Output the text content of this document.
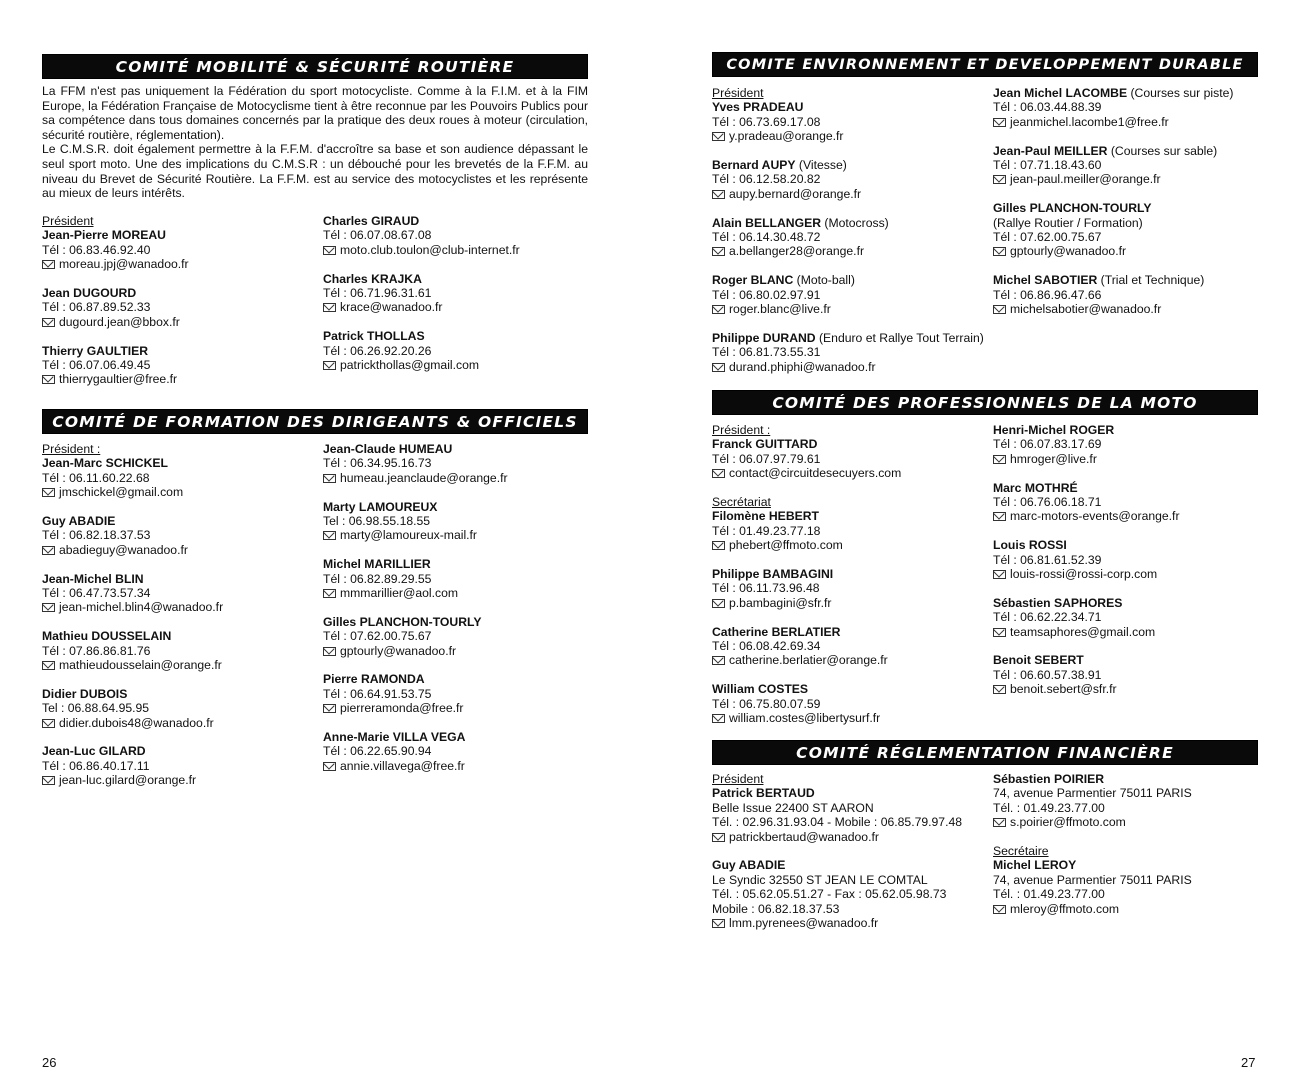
COMITÉ MOBILITÉ & SÉCURITÉ ROUTIÈRE
COMITÉ DE FORMATION DES DIRIGEANTS & OFFICIELS
COMITE ENVIRONNEMENT ET DEVELOPPEMENT DURABLE
COMITÉ DES PROFESSIONNELS DE LA MOTO
COMITÉ RÉGLEMENTATION FINANCIÈRE

La FFM n'est pas uniquement la Fédération du sport motocycliste. Comme à la F.I.M. et à la FIM Europe, la Fédération Française de Motocyclisme tient à être reconnue par les Pouvoirs Publics pour sa compétence dans tous domaines concernés par la pratique des deux roues à moteur (circulation, sécurité routière, réglementation).

Le C.M.S.R. doit également permettre à la F.F.M. d'accroître sa base et son audience dépassant le seul sport moto. Une des implications du C.M.S.R : un débouché pour les brevetés de la F.F.M. au niveau du Brevet de Sécurité Routière. La F.F.M. est au service des motocyclistes et les représente au mieux de leurs intérêts.

Président
Jean-Pierre MOREAU
Tél : 06.83.46.92.40
moreau.jpj@wanadoo.fr
Jean DUGOURD
Tél : 06.87.89.52.33
dugourd.jean@bbox.fr
Thierry GAULTIER
Tél : 06.07.06.49.45
thierrygaultier@free.fr
Charles GIRAUD
Tél : 06.07.08.67.08
moto.club.toulon@club-internet.fr
Charles KRAJKA
Tél : 06.71.96.31.61
krace@wanadoo.fr
Patrick THOLLAS
Tél : 06.26.92.20.26
patrickthollas@gmail.com
Président :
Jean-Marc SCHICKEL
Tél : 06.11.60.22.68
jmschickel@gmail.com
Guy ABADIE
Tél : 06.82.18.37.53
abadieguy@wanadoo.fr
Jean-Michel BLIN
Tél : 06.47.73.57.34
jean-michel.blin4@wanadoo.fr
Mathieu DOUSSELAIN
Tél : 07.86.86.81.76
mathieudousselain@orange.fr
Didier DUBOIS
Tel : 06.88.64.95.95
didier.dubois48@wanadoo.fr
Jean-Luc GILARD
Tél : 06.86.40.17.11
jean-luc.gilard@orange.fr
Jean-Claude HUMEAU
Tél : 06.34.95.16.73
humeau.jeanclaude@orange.fr
Marty LAMOUREUX
Tel : 06.98.55.18.55
marty@lamoureux-mail.fr
Michel MARILLIER
Tél : 06.82.89.29.55
mmmarillier@aol.com
Gilles PLANCHON-TOURLY
Tél : 07.62.00.75.67
gptourly@wanadoo.fr
Pierre RAMONDA
Tél : 06.64.91.53.75
pierreramonda@free.fr
Anne-Marie VILLA VEGA
Tél : 06.22.65.90.94
annie.villavega@free.fr
Président
Yves PRADEAU
Tél : 06.73.69.17.08
y.pradeau@orange.fr
Bernard AUPY (Vitesse)
Tél : 06.12.58.20.82
aupy.bernard@orange.fr
Alain BELLANGER (Motocross)
Tél : 06.14.30.48.72
a.bellanger28@orange.fr
Roger BLANC (Moto-ball)
Tél : 06.80.02.97.91
roger.blanc@live.fr
Philippe DURAND (Enduro et Rallye Tout Terrain)
Tél : 06.81.73.55.31
durand.phiphi@wanadoo.fr
Jean Michel LACOMBE (Courses sur piste)
Tél : 06.03.44.88.39
jeanmichel.lacombe1@free.fr
Jean-Paul MEILLER (Courses sur sable)
Tél : 07.71.18.43.60
jean-paul.meiller@orange.fr
Gilles PLANCHON-TOURLY
(Rallye Routier / Formation)
Tél : 07.62.00.75.67
gptourly@wanadoo.fr
Michel SABOTIER (Trial et Technique)
Tél : 06.86.96.47.66
michelsabotier@wanadoo.fr
Président :
Franck GUITTARD
Tél : 06.07.97.79.61
contact@circuitdesecuyers.com
Secrétariat
Filomène HEBERT
Tél : 01.49.23.77.18
phebert@ffmoto.com
Philippe BAMBAGINI
Tél : 06.11.73.96.48
p.bambagini@sfr.fr
Catherine BERLATIER
Tél : 06.08.42.69.34
catherine.berlatier@orange.fr
William COSTES
Tél : 06.75.80.07.59
william.costes@libertysurf.fr
Henri-Michel ROGER
Tél : 06.07.83.17.69
hmroger@live.fr
Marc MOTHRÉ
Tél : 06.76.06.18.71
marc-motors-events@orange.fr
Louis ROSSI
Tél : 06.81.61.52.39
louis-rossi@rossi-corp.com
Sébastien SAPHORES
Tél : 06.62.22.34.71
teamsaphores@gmail.com
Benoit SEBERT
Tél : 06.60.57.38.91
benoit.sebert@sfr.fr
Président
Patrick BERTAUD
Belle Issue 22400 ST AARON
Tél. : 02.96.31.93.04 - Mobile : 06.85.79.97.48
patrickbertaud@wanadoo.fr
Guy ABADIE
Le Syndic 32550 ST JEAN LE COMTAL
Tél. : 05.62.05.51.27 - Fax : 05.62.05.98.73
Mobile : 06.82.18.37.53
lmm.pyrenees@wanadoo.fr
Sébastien POIRIER
74, avenue Parmentier 75011 PARIS
Tél. : 01.49.23.77.00
s.poirier@ffmoto.com
Secrétaire
Michel LEROY
74, avenue Parmentier 75011 PARIS
Tél. : 01.49.23.77.00
mleroy@ffmoto.com
26	27
